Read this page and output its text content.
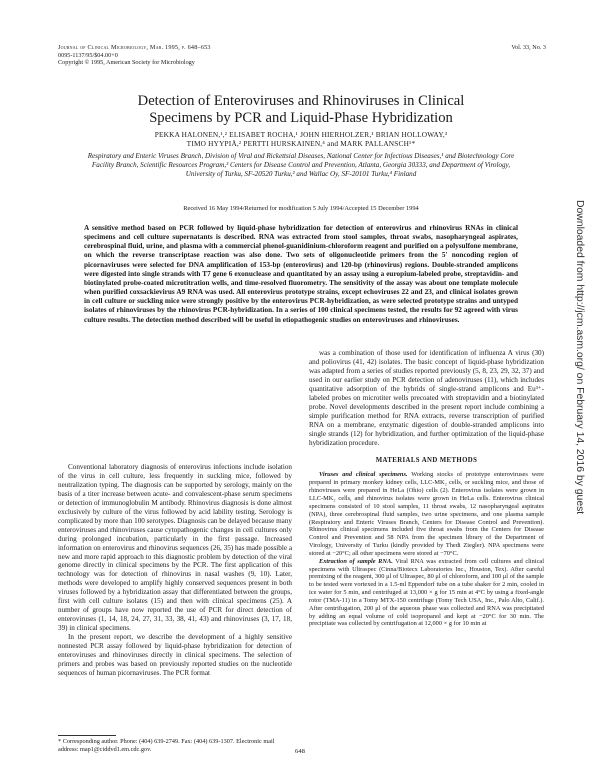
Journal of Clinical Microbiology, Mar. 1995, p. 648–653
0095-1137/95/$04.00+0
Copyright © 1995, American Society for Microbiology
Vol. 33, No. 3
Detection of Enteroviruses and Rhinoviruses in Clinical
Specimens by PCR and Liquid-Phase Hybridization
PEKKA HALONEN,¹,² ELISABET ROCHA,¹ JOHN HIERHOLZER,¹ BRIAN HOLLOWAY,³
TIMO HYYPIÄ,² PERTTI HURSKAINEN,⁴ and MARK PALLANSCH¹*
Respiratory and Enteric Viruses Branch, Division of Viral and Rickettsial Diseases, National Center for Infectious Diseases,¹ and Biotechnology Core Facility Branch, Scientific Resources Program,³ Centers for Disease Control and Prevention, Atlanta, Georgia 30333, and Department of Virology, University of Turku, SF-20520 Turku,² and Wallac Oy, SF-20101 Turku,⁴ Finland
Received 16 May 1994/Returned for modification 5 July 1994/Accepted 15 December 1994
A sensitive method based on PCR followed by liquid-phase hybridization for detection of enterovirus and rhinovirus RNAs in clinical specimens and cell culture supernatants is described. RNA was extracted from stool samples, throat swabs, nasopharyngeal aspirates, cerebrospinal fluid, urine, and plasma with a commercial phenol-guanidinium-chloroform reagent and purified on a polysulfone membrane, on which the reverse transcriptase reaction was also done. Two sets of oligonucleotide primers from the 5′ noncoding region of picornaviruses were selected for DNA amplification of 153-bp (enterovirus) and 120-bp (rhinovirus) regions. Double-stranded amplicons were digested into single strands with T7 gene 6 exonuclease and quantitated by an assay using a europium-labeled probe, streptavidin- and biotinylated probe-coated microtitration wells, and time-resolved fluorometry. The sensitivity of the assay was about one template molecule when purified coxsackievirus A9 RNA was used. All enterovirus prototype strains, except echoviruses 22 and 23, and clinical isolates grown in cell culture or suckling mice were strongly positive by the enterovirus PCR-hybridization, as were selected prototype strains and untyped isolates of rhinoviruses by the rhinovirus PCR-hybridization. In a series of 100 clinical specimens tested, the results for 92 agreed with virus culture results. The detection method described will be useful in etiopathogenic studies on enteroviruses and rhinoviruses.

Conventional laboratory diagnosis of enterovirus infections include isolation of the virus in cell culture, less frequently in suckling mice, followed by neutralization typing. The diagnosis can be supported by serology, mainly on the basis of a titer increase between acute- and convalescent-phase serum specimens or detection of immunoglobulin M antibody. Rhinovirus diagnosis is done almost exclusively by culture of the virus followed by acid lability testing. Serology is complicated by more than 100 serotypes. Diagnosis can be delayed because many enteroviruses and rhinoviruses cause cytopathogenic changes in cell cultures only during prolonged incubation, particularly in the first passage. Increased information on enterovirus and rhinovirus sequences (26, 35) has made possible a new and more rapid approach to this diagnostic problem by detection of the viral genome directly in clinical specimens by the PCR. The first application of this technology was for detection of rhinovirus in nasal washes (9, 10). Later, methods were developed to amplify highly conserved sequences present in both viruses followed by a hybridization assay that differentiated between the groups, first with cell culture isolates (15) and then with clinical specimens (25). A number of groups have now reported the use of PCR for direct detection of enteroviruses (1, 14, 18, 24, 27, 31, 33, 38, 41, 43) and rhinoviruses (3, 17, 18, 39) in clinical specimens.

In the present report, we describe the development of a highly sensitive nonnested PCR assay followed by liquid-phase hybridization for detection of enteroviruses and rhinoviruses directly in clinical specimens. The selection of primers and probes was based on previously reported studies on the nucleotide sequences of human picornaviruses. The PCR format

was a combination of those used for identification of influenza A virus (30) and poliovirus (41, 42) isolates. The basic concept of liquid-phase hybridization was adapted from a series of studies reported previously (5, 8, 23, 29, 32, 37) and used in our earlier study on PCR detection of adenoviruses (11), which includes quantitative adsorption of the hybrids of single-strand amplicons and Eu³⁺-labeled probes on microtiter wells precoated with streptavidin and a biotinylated probe. Novel developments described in the present report include combining a simple purification method for RNA extracts, reverse transcription of purified RNA on a membrane, enzymatic digestion of double-stranded amplicons into single strands (12) for hybridization, and further optimization of the liquid-phase hybridization procedure.

MATERIALS AND METHODS

Viruses and clinical specimens. Working stocks of prototype enteroviruses were prepared in primary monkey kidney cells, LLC-MK₂ cells, or suckling mice, and those of rhinoviruses were prepared in HeLa (Ohio) cells (2). Enterovirus isolates were grown in LLC-MK₂ cells, and rhinovirus isolates were grown in HeLa cells. Enterovirus clinical specimens consisted of 10 stool samples, 11 throat swabs, 12 nasopharyngeal aspirates (NPA), three cerebrospinal fluid samples, two urine specimens, and one plasma sample (Respiratory and Enteric Viruses Branch, Centers for Disease Control and Prevention). Rhinovirus clinical specimens included five throat swabs from the Centers for Disease Control and Prevention and 58 NPA from the specimen library of the Department of Virology, University of Turku (kindly provided by Thedi Ziegler). NPA specimens were stored at −20°C; all other specimens were stored at −70°C.

Extraction of sample RNA. Viral RNA was extracted from cell cultures and clinical specimens with Ultraspec (Cinna/Biotecx Laboratories Inc., Houston, Tex). After careful premixing of the reagent, 300 μl of Ultraspec, 80 μl of chloroform, and 100 μl of the sample to be tested were vortexed in a 1.5-ml Eppendorf tube on a tube shaker for 2 min, cooled in ice water for 5 min, and centrifuged at 13,000 × g for 15 min at 4°C by using a fixed-angle rotor (TMA-11) in a Tomy MTX-150 centrifuge (Tomy Tech USA, Inc., Palo Alto, Calif.). After centrifugation, 200 μl of the aqueous phase was collected and RNA was precipitated by adding an equal volume of cold isopropanol and kept at −20°C for 30 min. The precipitate was collected by centrifugation at 12,000 × g for 10 min at

* Corresponding author. Phone: (404) 639-2749. Fax: (404) 639-1307. Electronic mail address: map1@ciddvd1.em.cdc.gov.	648
Downloaded from http://jcm.asm.org/ on February 14, 2016 by guest
